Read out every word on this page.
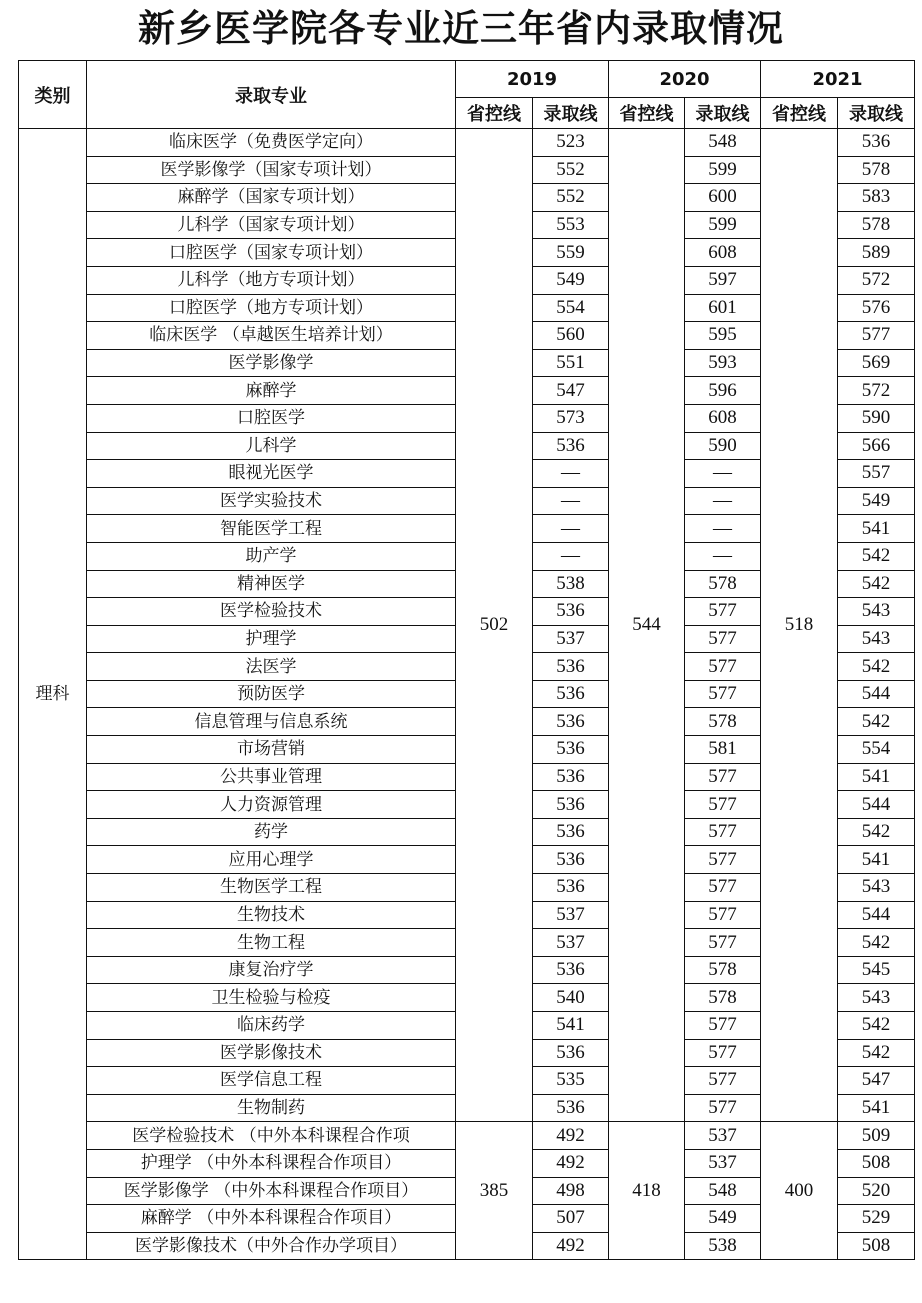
新乡医学院各专业近三年省内录取情况
类别	录取专业	2019		2020		2021	
		省控线	录取线	省控线	录取线	省控线	录取线
理科	临床医学（免费医学定向）	502	523	544	548	518	536
	医学影像学（国家专项计划）		552		599		578
	麻醉学（国家专项计划）		552		600		583
	儿科学（国家专项计划）		553		599		578
	口腔医学（国家专项计划）		559		608		589
	儿科学（地方专项计划）		549		597		572
	口腔医学（地方专项计划）		554		601		576
	临床医学 （卓越医生培养计划）		560		595		577
	医学影像学		551		593		569
	麻醉学		547		596		572
	口腔医学		573		608		590
	儿科学		536		590		566
	眼视光医学		—		—		557
	医学实验技术		—		—		549
	智能医学工程		—		—		541
	助产学		—		—		542
	精神医学		538		578		542
	医学检验技术		536		577		543
	护理学		537		577		543
	法医学		536		577		542
	预防医学		536		577		544
	信息管理与信息系统		536		578		542
	市场营销		536		581		554
	公共事业管理		536		577		541
	人力资源管理		536		577		544
	药学		536		577		542
	应用心理学		536		577		541
	生物医学工程		536		577		543
	生物技术		537		577		544
	生物工程		537		577		542
	康复治疗学		536		578		545
	卫生检验与检疫		540		578		543
	临床药学		541		577		542
	医学影像技术		536		577		542
	医学信息工程		535		577		547
	生物制药		536		577		541
	医学检验技术 （中外本科课程合作项	385	492	418	537	400	509
	护理学 （中外本科课程合作项目）		492		537		508
	医学影像学 （中外本科课程合作项目）		498		548		520
	麻醉学 （中外本科课程合作项目）		507		549		529
	医学影像技术（中外合作办学项目）		492		538		508
